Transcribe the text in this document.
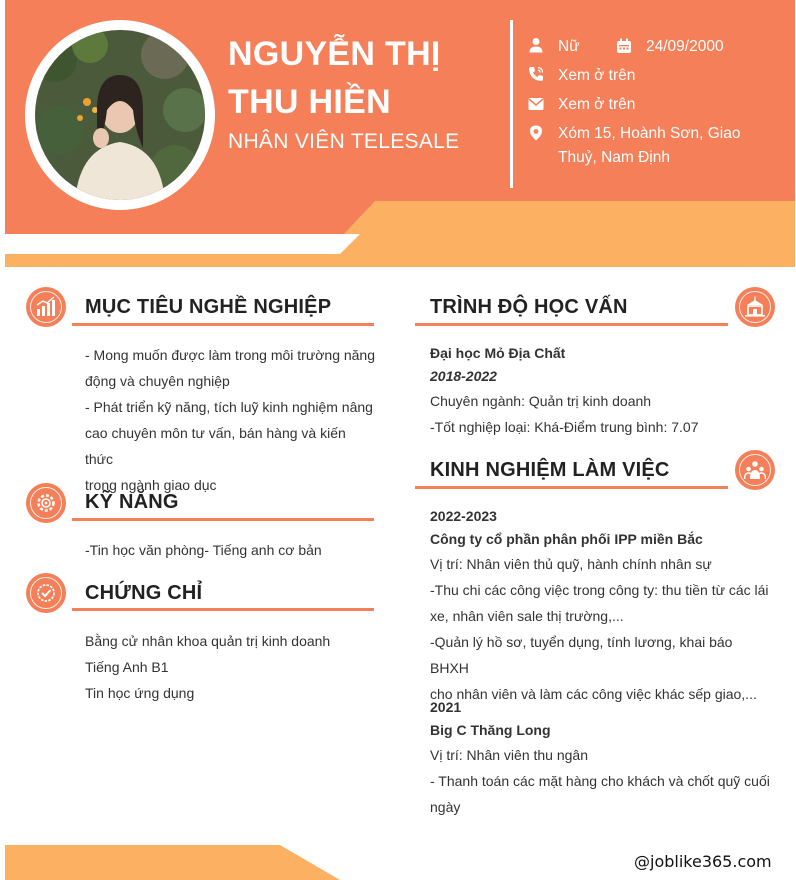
NGUYỄN THỊ
THU HIỀN
NHÂN VIÊN TELESALE
Nữ	24/09/2000
Xem ở trên
Xem ở trên
Xóm 15, Hoành Sơn, Giao
Thuỷ, Nam Định
MỤC TIÊU NGHỀ NGHIỆP
- Mong muốn được làm trong môi trường năng
động và chuyên nghiệp
- Phát triển kỹ năng, tích luỹ kinh nghiệm nâng
cao chuyên môn tư vấn, bán hàng và kiến thức
trong ngành giao dục
KỸ NĂNG
-Tin học văn phòng- Tiếng anh cơ bản
CHỨNG CHỈ
Bằng cử nhân khoa quản trị kinh doanh
Tiếng Anh B1
Tin học ứng dụng
TRÌNH ĐỘ HỌC VẤN
Đại học Mỏ Địa Chất
2018-2022
Chuyên ngành: Quản trị kinh doanh
-Tốt nghiệp loại: Khá-Điểm trung bình: 7.07
KINH NGHIỆM LÀM VIỆC
2022-2023
Công ty cổ phần phân phối IPP miền Bắc
Vị trí: Nhân viên thủ quỹ, hành chính nhân sự
-Thu chi các công việc trong công ty: thu tiền từ các lái
xe, nhân viên sale thị trường,...
-Quản lý hồ sơ, tuyển dụng, tính lương, khai báo BHXH
cho nhân viên và làm các công việc khác sếp giao,...
2021
Big C Thăng Long
Vị trí: Nhân viên thu ngân
- Thanh toán các mặt hàng cho khách và chốt quỹ cuối
ngày
@joblike365.com
